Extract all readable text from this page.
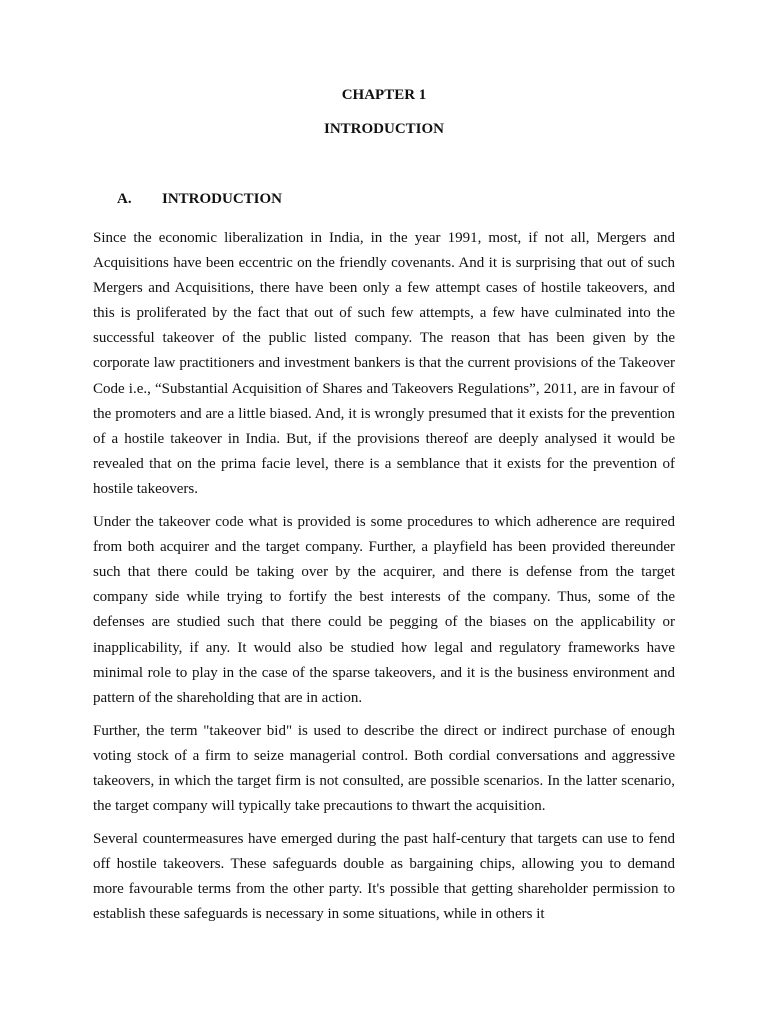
CHAPTER 1
INTRODUCTION
A. INTRODUCTION

Since the economic liberalization in India, in the year 1991, most, if not all, Mergers and Acquisitions have been eccentric on the friendly covenants. And it is surprising that out of such Mergers and Acquisitions, there have been only a few attempt cases of hostile takeovers, and this is proliferated by the fact that out of such few attempts, a few have culminated into the successful takeover of the public listed company. The reason that has been given by the corporate law practitioners and investment bankers is that the current provisions of the Takeover Code i.e., “Substantial Acquisition of Shares and Takeovers Regulations”, 2011, are in favour of the promoters and are a little biased. And, it is wrongly presumed that it exists for the prevention of a hostile takeover in India. But, if the provisions thereof are deeply analysed it would be revealed that on the prima facie level, there is a semblance that it exists for the prevention of hostile takeovers.

Under the takeover code what is provided is some procedures to which adherence are required from both acquirer and the target company. Further, a playfield has been provided thereunder such that there could be taking over by the acquirer, and there is defense from the target company side while trying to fortify the best interests of the company. Thus, some of the defenses are studied such that there could be pegging of the biases on the applicability or inapplicability, if any. It would also be studied how legal and regulatory frameworks have minimal role to play in the case of the sparse takeovers, and it is the business environment and pattern of the shareholding that are in action.

Further, the term "takeover bid" is used to describe the direct or indirect purchase of enough voting stock of a firm to seize managerial control. Both cordial conversations and aggressive takeovers, in which the target firm is not consulted, are possible scenarios. In the latter scenario, the target company will typically take precautions to thwart the acquisition.

Several countermeasures have emerged during the past half-century that targets can use to fend off hostile takeovers. These safeguards double as bargaining chips, allowing you to demand more favourable terms from the other party. It's possible that getting shareholder permission to establish these safeguards is necessary in some situations, while in others it
